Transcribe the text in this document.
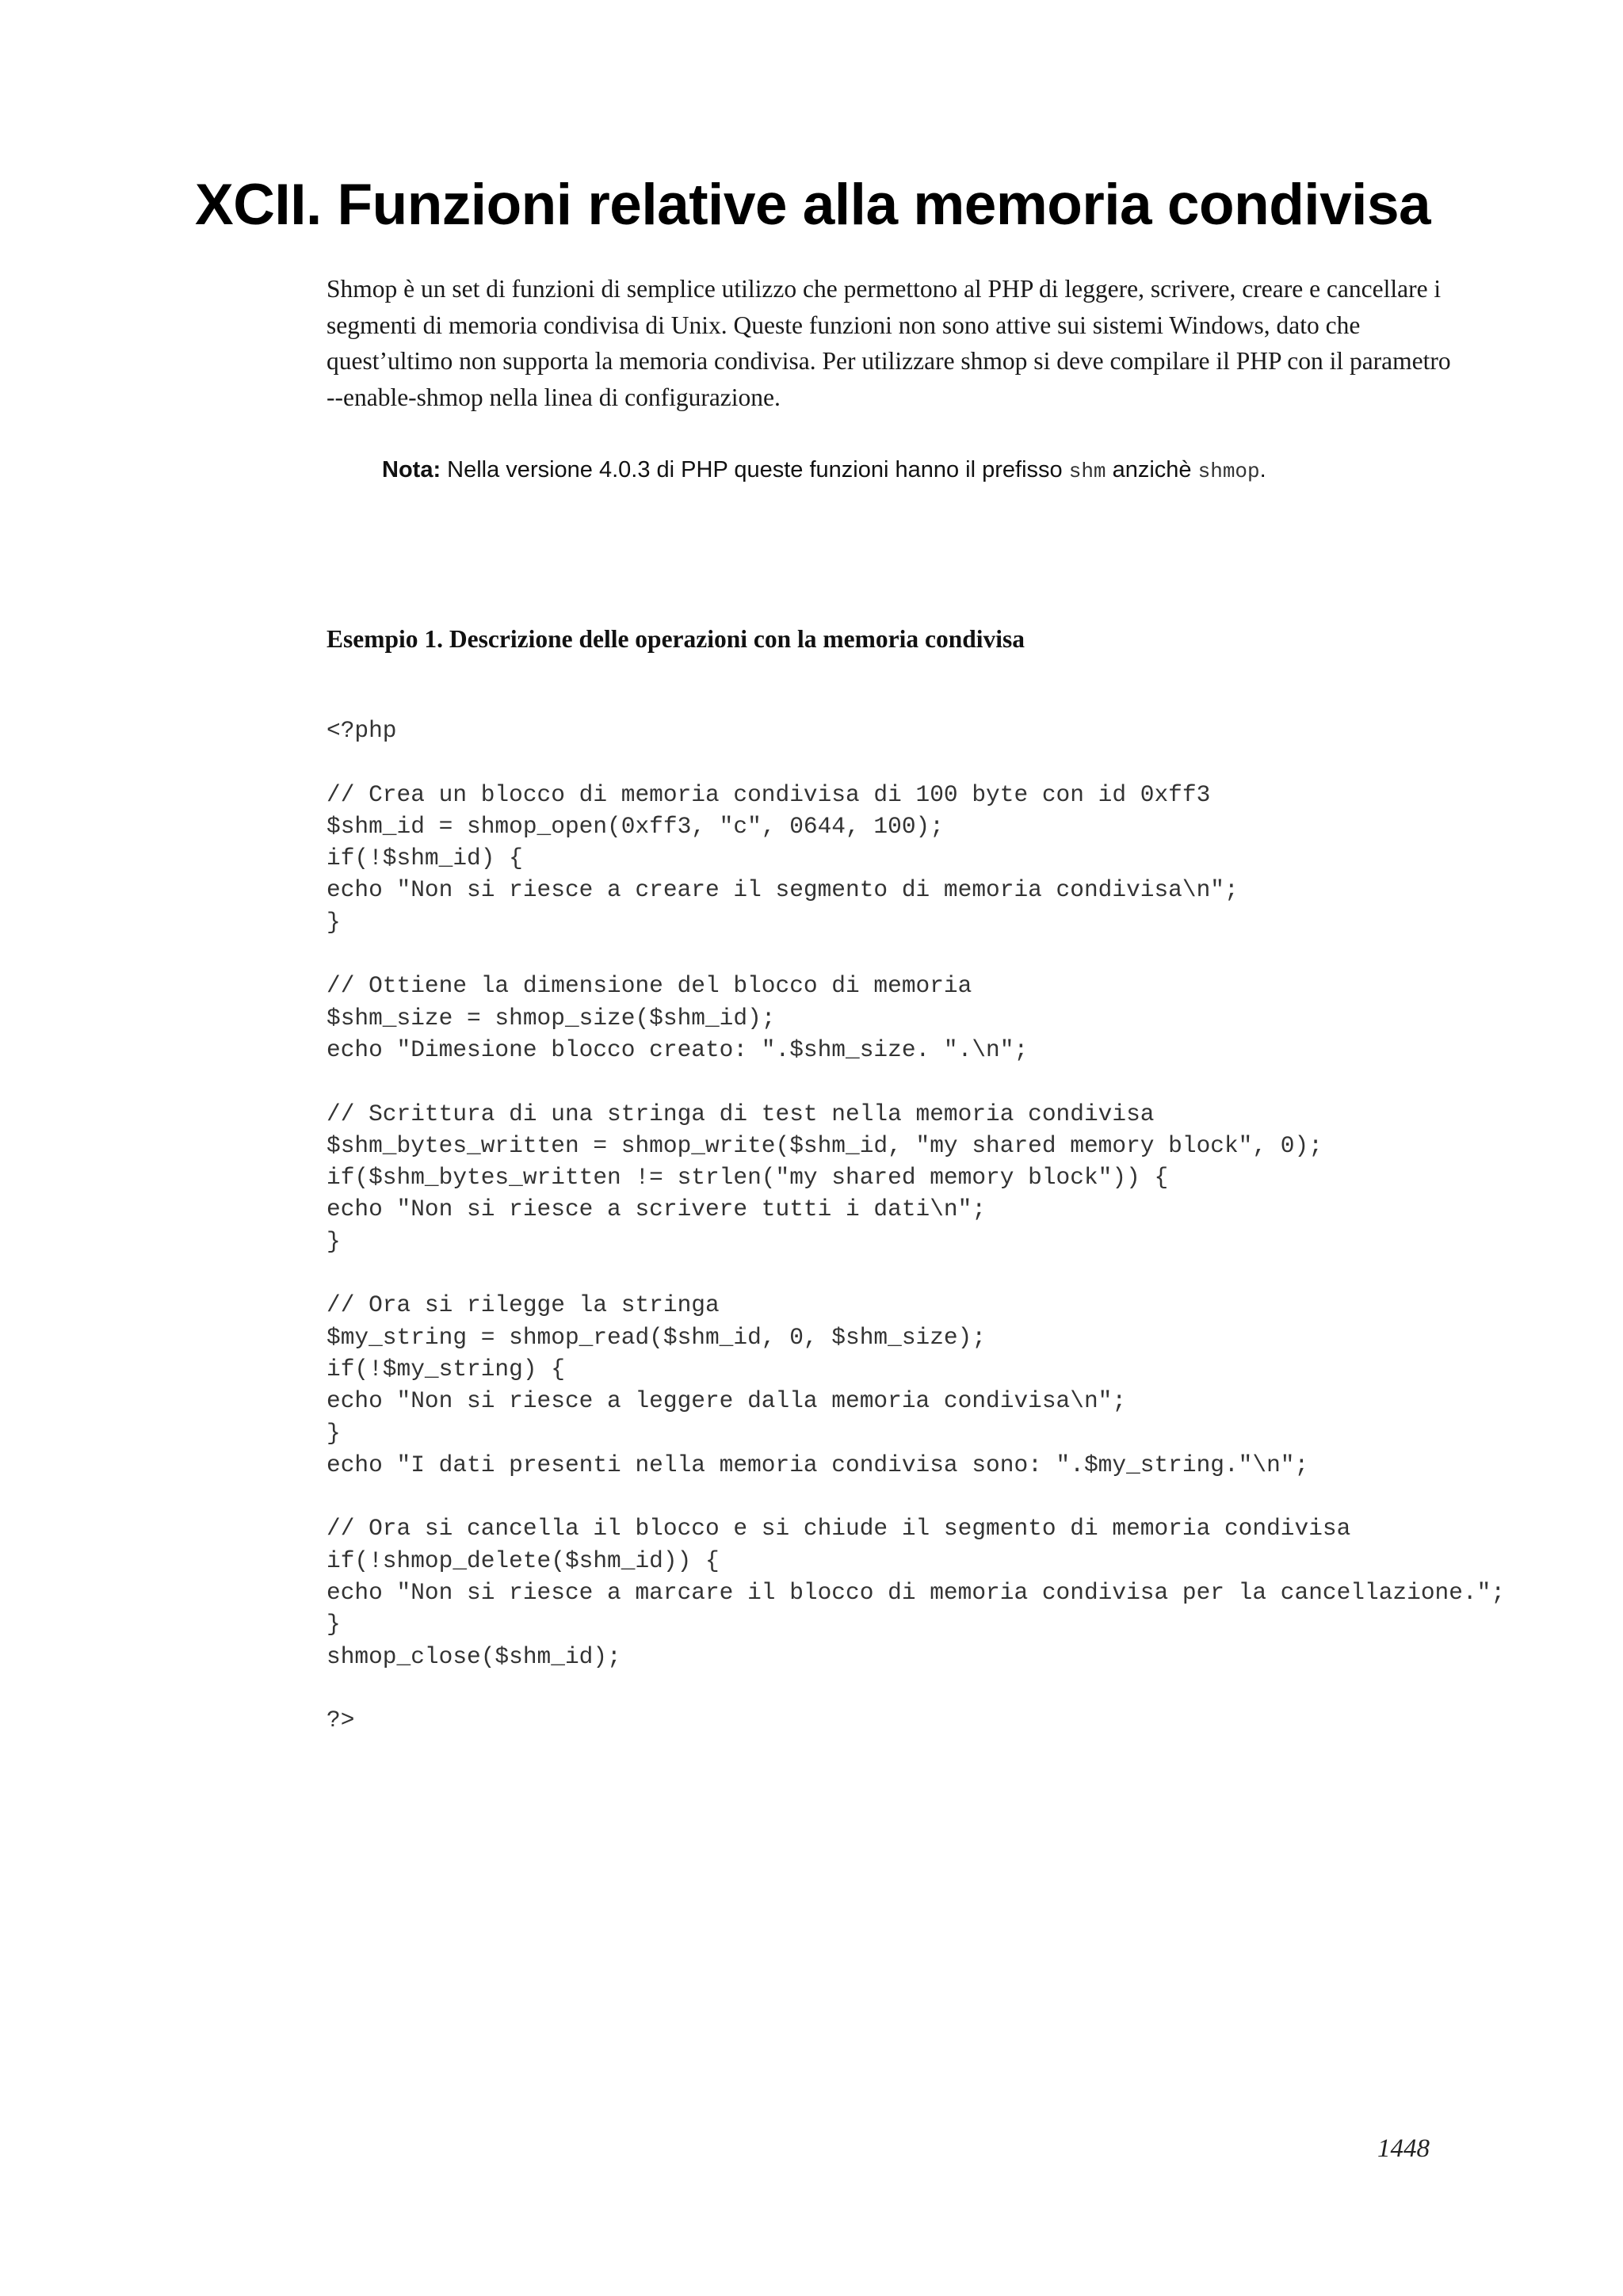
XCII. Funzioni relative alla memoria condivisa

Shmop è un set di funzioni di semplice utilizzo che permettono al PHP di leggere, scrivere, creare e cancellare i segmenti di memoria condivisa di Unix. Queste funzioni non sono attive sui sistemi Windows, dato che quest’ultimo non supporta la memoria condivisa. Per utilizzare shmop si deve compilare il PHP con il parametro --enable-shmop nella linea di configurazione.

Nota: Nella versione 4.0.3 di PHP queste funzioni hanno il prefisso shm anzichè shmop.

Esempio 1. Descrizione delle operazioni con la memoria condivisa

<?php

// Crea un blocco di memoria condivisa di 100 byte con id 0xff3
$shm_id = shmop_open(0xff3, "c", 0644, 100);
if(!$shm_id) {
echo "Non si riesce a creare il segmento di memoria condivisa\n";
}

// Ottiene la dimensione del blocco di memoria
$shm_size = shmop_size($shm_id);
echo "Dimesione blocco creato: ".$shm_size. ".\n";

// Scrittura di una stringa di test nella memoria condivisa
$shm_bytes_written = shmop_write($shm_id, "my shared memory block", 0);
if($shm_bytes_written != strlen("my shared memory block")) {
echo "Non si riesce a scrivere tutti i dati\n";
}

// Ora si rilegge la stringa
$my_string = shmop_read($shm_id, 0, $shm_size);
if(!$my_string) {
echo "Non si riesce a leggere dalla memoria condivisa\n";
}
echo "I dati presenti nella memoria condivisa sono: ".$my_string."\n";

// Ora si cancella il blocco e si chiude il segmento di memoria condivisa
if(!shmop_delete($shm_id)) {
echo "Non si riesce a marcare il blocco di memoria condivisa per la cancellazione.";
}
shmop_close($shm_id);

?>

1448
